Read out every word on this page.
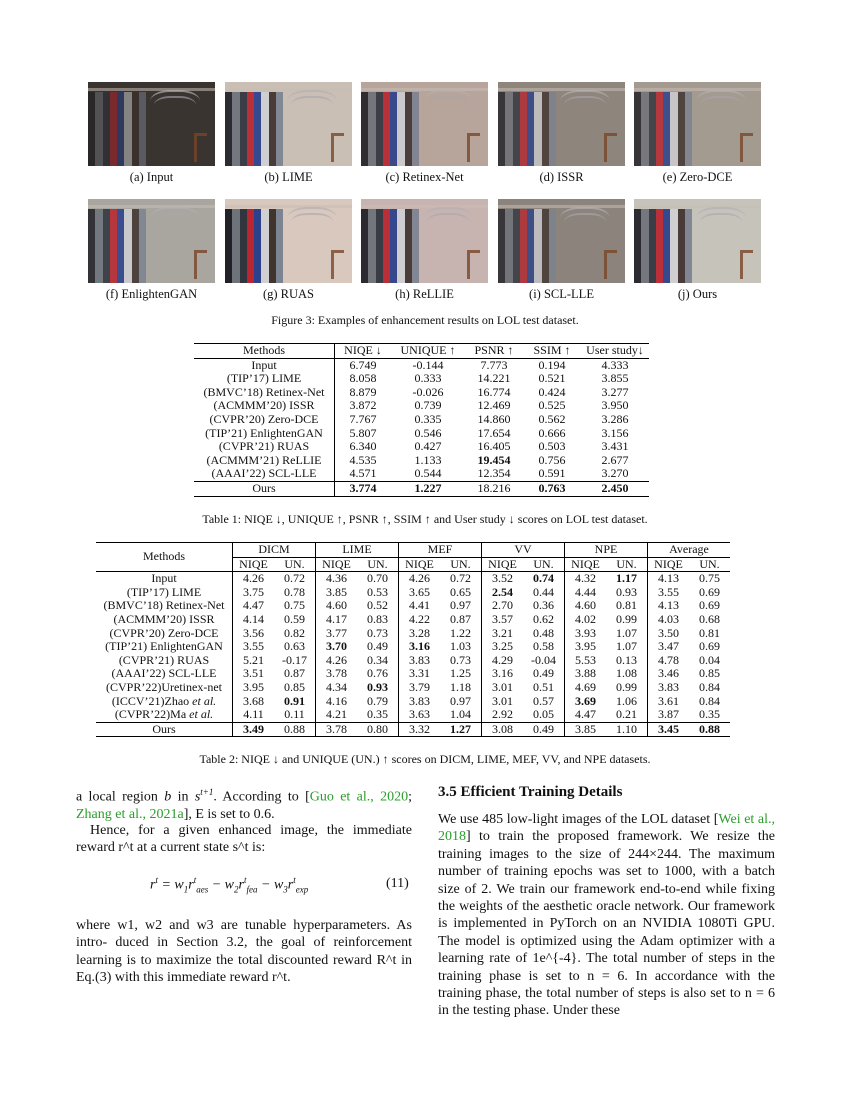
(a) Input	(b) LIME	(c) Retinex-Net	(d) ISSR	(e) Zero-DCE
(f) EnlightenGAN	(g) RUAS	(h) ReLLIE	(i) SCL-LLE	(j) Ours
Figure 3: Examples of enhancement results on LOL test dataset.
Methods	NIQE ↓	UNIQUE ↑	PSNR ↑	SSIM ↑	User study↓
Input	6.749	-0.144	7.773	0.194	4.333
(TIP’17) LIME	8.058	0.333	14.221	0.521	3.855
(BMVC’18) Retinex-Net	8.879	-0.026	16.774	0.424	3.277
(ACMMM’20) ISSR	3.872	0.739	12.469	0.525	3.950
(CVPR’20) Zero-DCE	7.767	0.335	14.860	0.562	3.286
(TIP’21) EnlightenGAN	5.807	0.546	17.654	0.666	3.156
(CVPR’21) RUAS	6.340	0.427	16.405	0.503	3.431
(ACMMM’21) ReLLIE	4.535	1.133	19.454	0.756	2.677
(AAAI’22) SCL-LLE	4.571	0.544	12.354	0.591	3.270
Ours	3.774	1.227	18.216	0.763	2.450
Table 1: NIQE ↓, UNIQUE ↑, PSNR ↑, SSIM ↑ and User study ↓ scores on LOL test dataset.
Methods	DICM		LIME		MEF		VV		NPE		Average	
	NIQE	UN.	NIQE	UN.	NIQE	UN.	NIQE	UN.	NIQE	UN.	NIQE	UN.
Input	4.26	0.72	4.36	0.70	4.26	0.72	3.52	0.74	4.32	1.17	4.13	0.75
(TIP’17) LIME	3.75	0.78	3.85	0.53	3.65	0.65	2.54	0.44	4.44	0.93	3.55	0.69
(BMVC’18) Retinex-Net	4.47	0.75	4.60	0.52	4.41	0.97	2.70	0.36	4.60	0.81	4.13	0.69
(ACMMM’20) ISSR	4.14	0.59	4.17	0.83	4.22	0.87	3.57	0.62	4.02	0.99	4.03	0.68
(CVPR’20) Zero-DCE	3.56	0.82	3.77	0.73	3.28	1.22	3.21	0.48	3.93	1.07	3.50	0.81
(TIP’21) EnlightenGAN	3.55	0.63	3.70	0.49	3.16	1.03	3.25	0.58	3.95	1.07	3.47	0.69
(CVPR’21) RUAS	5.21	-0.17	4.26	0.34	3.83	0.73	4.29	-0.04	5.53	0.13	4.78	0.04
(AAAI’22) SCL-LLE	3.51	0.87	3.78	0.76	3.31	1.25	3.16	0.49	3.88	1.08	3.46	0.85
(CVPR’22)Uretinex-net	3.95	0.85	4.34	0.93	3.79	1.18	3.01	0.51	4.69	0.99	3.83	0.84
(ICCV’21)Zhao et al.	3.68	0.91	4.16	0.79	3.83	0.97	3.01	0.57	3.69	1.06	3.61	0.84
(CVPR’22)Ma et al.	4.11	0.11	4.21	0.35	3.63	1.04	2.92	0.05	4.47	0.21	3.87	0.35
Ours	3.49	0.88	3.78	0.80	3.32	1.27	3.08	0.49	3.85	1.10	3.45	0.88
Table 2: NIQE ↓ and UNIQUE (UN.) ↑ scores on DICM, LIME, MEF, VV, and NPE datasets.
a local region b in $s^{t+1}$. According to [Guo et al., 2020; Zhang et al., 2021a], E is set to 0.6.
Hence, for a given enhanced image, the immediate reward r^t at a current state s^t is:
$r^t = w_1r^t_{aes} - w_2r^t_{fea} - w_3r^t_{exp}$	(11)
where w1, w2 and w3 are tunable hyperparameters. As intro- duced in Section 3.2, the goal of reinforcement learning is to maximize the total discounted reward R^t in Eq.(3) with this immediate reward r^t.
3.5 Efficient Training Details
We use 485 low-light images of the LOL dataset [Wei et al., 2018] to train the proposed framework. We resize the training images to the size of 244×244. The maximum number of training epochs was set to 1000, with a batch size of 2. We train our framework end-to-end while fixing the weights of the aesthetic oracle network. Our framework is implemented in PyTorch on an NVIDIA 1080Ti GPU. The model is optimized using the Adam optimizer with a learning rate of 1e^{-4}. The total number of steps in the training phase is set to n = 6. In accordance with the training phase, the total number of steps is also set to n = 6 in the testing phase. Under these
